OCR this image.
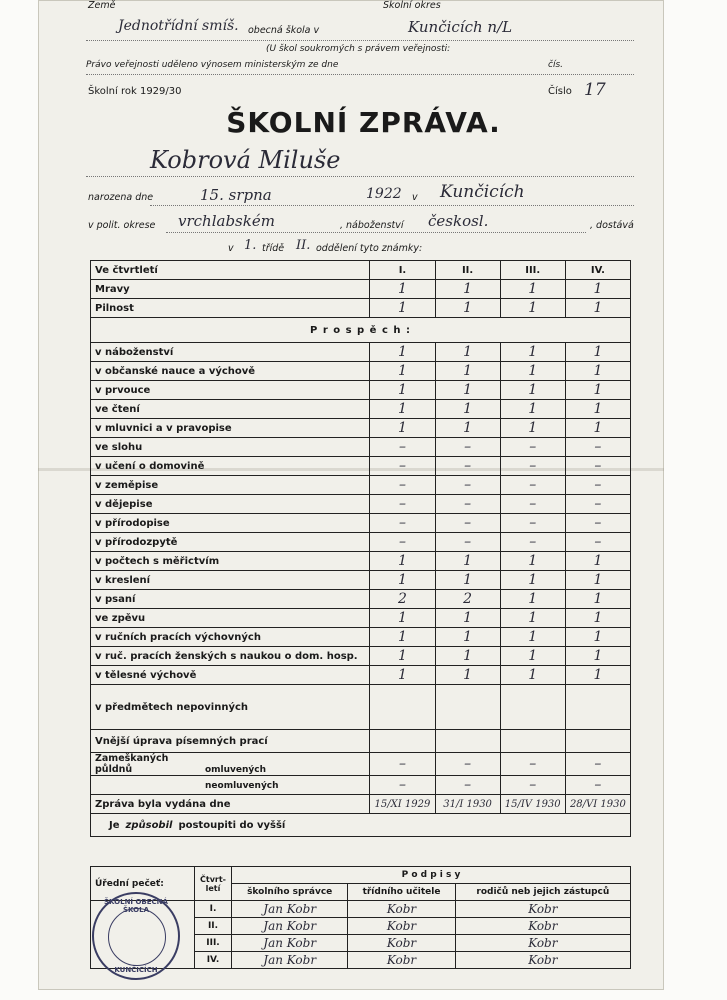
Země	Školní okres
Jednotřídní smíš. obecná škola v	Kunčicích n/L
(U škol soukromých s právem veřejnosti:
Právo veřejnosti uděleno výnosem ministerským ze dne	čís.
Školní rok 1929/30	Číslo 17
ŠKOLNÍ ZPRÁVA.
Kobrová Miluše
narozena dne	15. srpna	1922 v Kunčicích
v polit. okrese vrchlabském	, náboženství českosl.	, dostává
v 1. třídě II. oddělení tyto známky:
Ve čtvrtletí	I.	II.	III.	IV.
Mravy	1	1	1	1
Pilnost	1	1	1	1
P r o s p ě c h :				
v náboženství	1	1	1	1
v občanské nauce a výchově	1	1	1	1
v prvouce	1	1	1	1
ve čtení	1	1	1	1
v mluvnici a v pravopise	1	1	1	1
ve slohu	–	–	–	–
v učení o domovině	–	–	–	–
v zeměpise	–	–	–	–
v dějepise	–	–	–	–
v přírodopise	–	–	–	–
v přírodozpytě	–	–	–	–
v počtech s měřictvím	1	1	1	1
v kreslení	1	1	1	1
v psaní	2	2	1	1
ve zpěvu	1	1	1	1
v ručních pracích výchovných	1	1	1	1
v ruč. pracích ženských s naukou o dom. hosp.	1	1	1	1
v tělesné výchově	1	1	1	1
v předmětech nepovinných				
Vnější úprava písemných prací				
Zameškaných půldnů omluvených	–	–	–	–
neomluvených	–	–	–	–
Zpráva byla vydána dne	15/XI 1929	31/I 1930	15/IV 1930	28/VI 1930
Je způsobil postoupiti do vyšší				
Úřední pečeť:	Čtvrt-letí	P o d p i s y		
		školního správce	třídního učitele	rodičů neb jejich zástupců
	I.	Jan Kobr	Kobr	Kobr
	II.	Jan Kobr	Kobr	Kobr
	III.	Jan Kobr	Kobr	Kobr
	IV.	Jan Kobr	Kobr	Kobr
ŠKOLNÍ OBECNÁ ŠKOLA
KUNČICÍCH
